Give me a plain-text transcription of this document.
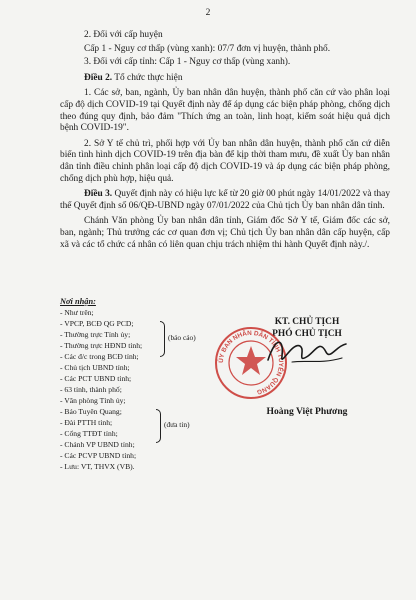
2

2. Đối với cấp huyện

Cấp 1 - Nguy cơ thấp (vùng xanh): 07/7 đơn vị huyện, thành phố.

3. Đối với cấp tỉnh: Cấp 1 - Nguy cơ thấp (vùng xanh).

Điều 2. Tổ chức thực hiện

1. Các sở, ban, ngành, Ủy ban nhân dân huyện, thành phố căn cứ vào phân loại cấp độ dịch COVID-19 tại Quyết định này để áp dụng các biện pháp phòng, chống dịch theo đúng quy định, bảo đảm "Thích ứng an toàn, linh hoạt, kiểm soát hiệu quả dịch bệnh COVID-19".

2. Sở Y tế chủ trì, phối hợp với Ủy ban nhân dân huyện, thành phố căn cứ diễn biến tình hình dịch COVID-19 trên địa bàn để kịp thời tham mưu, đề xuất Ủy ban nhân dân tỉnh điều chỉnh phân loại cấp độ dịch COVID-19 và áp dụng các biện pháp phòng, chống dịch phù hợp, hiệu quả.

Điều 3. Quyết định này có hiệu lực kể từ 20 giờ 00 phút ngày 14/01/2022 và thay thế Quyết định số 06/QĐ-UBND ngày 07/01/2022 của Chủ tịch Ủy ban nhân dân tỉnh.

Chánh Văn phòng Ủy ban nhân dân tỉnh, Giám đốc Sở Y tế, Giám đốc các sở, ban, ngành; Thủ trưởng các cơ quan đơn vị; Chủ tịch Ủy ban nhân dân cấp huyện, cấp xã và các tổ chức cá nhân có liên quan chịu trách nhiệm thi hành Quyết định này./.

Nơi nhận:
- Như trên;
- VPCP, BCĐ QG PCD;
- Thường trực Tỉnh ủy;
- Thường trực HĐND tỉnh;
- Các đ/c trong BCĐ tỉnh;
- Chủ tịch UBND tỉnh;
- Các PCT UBND tỉnh;
- 63 tỉnh, thành phố;
- Văn phòng Tỉnh ủy;
- Báo Tuyên Quang;
- Đài PTTH tỉnh;
- Cổng TTĐT tỉnh;
- Chánh VP UBND tỉnh;
- Các PCVP UBND tỉnh;
- Lưu: VT, THVX (VB).
(báo cáo)
(đưa tin)
KT. CHỦ TỊCH
PHÓ CHỦ TỊCH
Hoàng Việt Phương
ỦY BAN NHÂN DÂN TỈNH TUYÊN QUANG
